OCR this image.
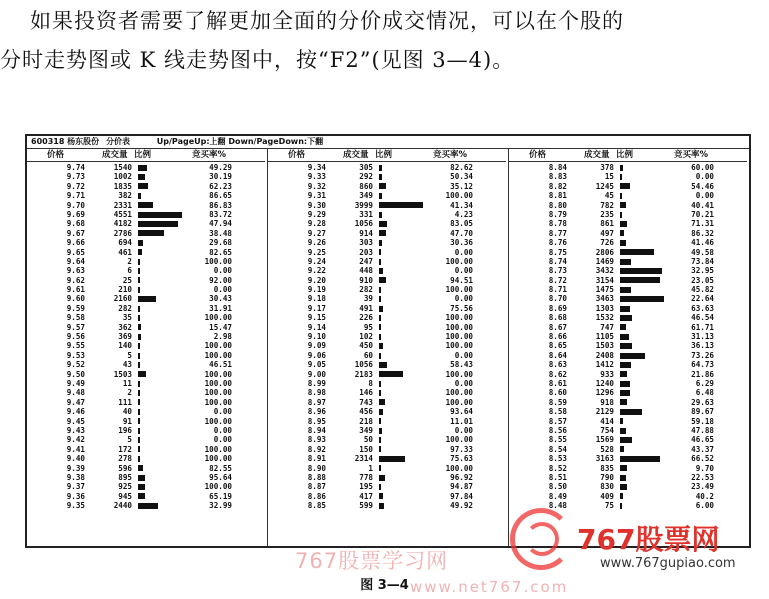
如果投资者需要了解更加全面的分价成交情况，可以在个股的
分时走势图或 K 线走势图中，按“F2”(见图 3—4)。
600318 杨东股份 分价表	Up/PageUp:上翻 Down/PageDown:下翻
价格	成交量 比例	竞买率%
9.74	1540	49.29
9.73	1002	30.19
9.72	1835	62.23
9.71	382	86.65
9.70	2331	86.83
9.69	4551	83.72
9.68	4182	47.94
9.67	2786	38.48
9.66	694	29.68
9.65	461	82.65
9.64	2	100.00
9.63	6	0.00
9.62	25	92.00
9.61	210	0.00
9.60	2160	30.43
9.59	282	31.91
9.58	35	100.00
9.57	362	15.47
9.56	369	2.98
9.55	140	100.00
9.53	5	100.00
9.52	43	46.51
9.50	1503	100.00
9.49	11	100.00
9.48	2	100.00
9.47	111	100.00
9.46	40	0.00
9.45	91	100.00
9.43	196	0.00
9.42	5	0.00
9.41	172	100.00
9.40	278	100.00
9.39	596	82.55
9.38	895	95.64
9.37	925	100.00
9.36	945	65.19
9.35	2440	32.99
价格	成交量 比例	竞买率%
9.34	305	82.62
9.33	292	50.34
9.32	860	35.12
9.31	349	100.00
9.30	3999	41.34
9.29	331	4.23
9.28	1056	83.05
9.27	914	47.70
9.26	303	30.36
9.25	203	0.00
9.24	247	100.00
9.22	448	0.00
9.20	910	94.51
9.19	282	100.00
9.18	39	0.00
9.17	491	75.56
9.15	226	100.00
9.14	95	100.00
9.10	102	100.00
9.09	450	100.00
9.06	60	0.00
9.05	1056	58.43
9.00	2183	100.00
8.99	8	0.00
8.98	146	100.00
8.97	743	100.00
8.96	456	93.64
8.95	218	11.01
8.94	349	0.00
8.93	50	100.00
8.92	150	97.33
8.91	2314	75.63
8.90	1	100.00
8.88	778	96.92
8.87	195	94.87
8.86	417	97.84
8.85	599	49.92
价格	成交量 比例	竞买率%
8.84	378	60.00
8.83	15	0.00
8.82	1245	54.46
8.81	45	0.00
8.80	782	40.41
8.79	235	70.21
8.78	861	71.31
8.77	497	86.32
8.76	726	41.46
8.75	2806	49.58
8.74	1469	73.84
8.73	3432	32.95
8.72	3154	23.05
8.71	1475	45.82
8.70	3463	22.64
8.69	1303	63.63
8.68	1532	46.54
8.67	747	61.71
8.66	1105	31.13
8.65	1503	36.13
8.64	2408	73.26
8.63	1412	64.73
8.62	933	21.86
8.61	1240	6.29
8.60	1296	6.48
8.59	918	29.63
8.58	2129	89.67
8.57	414	59.18
8.56	754	47.88
8.55	1569	46.65
8.54	528	43.37
8.53	3163	66.52
8.52	835	9.70
8.51	790	22.53
8.50	830	23.49
8.49	409	40.2
8.48	75	6.00
767股票网
www.767gupiao.com
767股票学习网
www.net767.com
图 3—4
